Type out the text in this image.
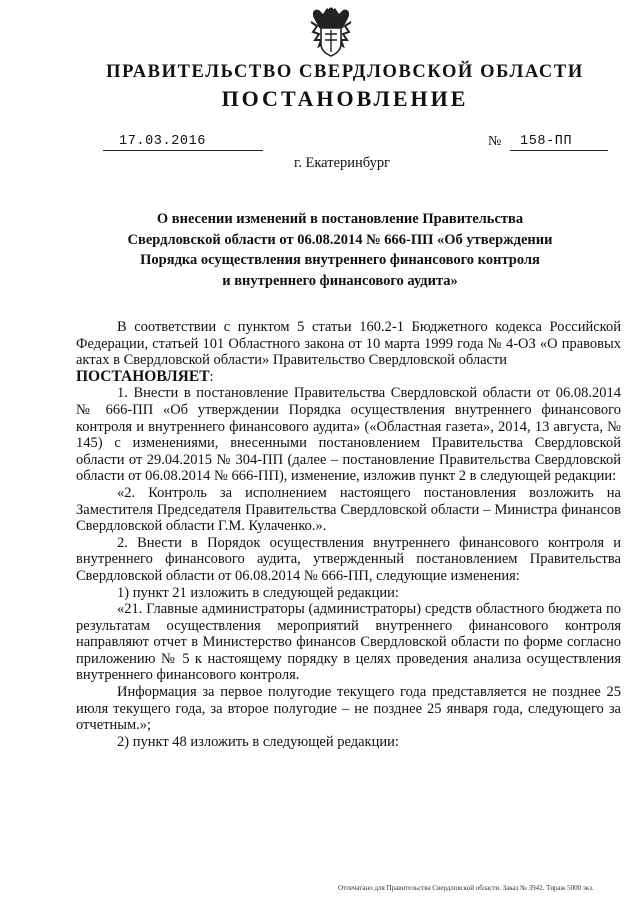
ПРАВИТЕЛЬСТВО СВЕРДЛОВСКОЙ ОБЛАСТИ
ПОСТАНОВЛЕНИЕ
17.03.2016	№ 158-ПП
г. Екатеринбург
О внесении изменений в постановление Правительства
Свердловской области от 06.08.2014 № 666-ПП «Об утверждении
Порядка осуществления внутреннего финансового контроля
и внутреннего финансового аудита»

В соответствии с пунктом 5 статьи 160.2-1 Бюджетного кодекса Российской Федерации, статьей 101 Областного закона от 10 марта 1999 года № 4-ОЗ «О правовых актах в Свердловской области» Правительство Свердловской области

ПОСТАНОВЛЯЕТ:

1. Внести в постановление Правительства Свердловской области от 06.08.2014 № 666-ПП «Об утверждении Порядка осуществления внутреннего финансового контроля и внутреннего финансового аудита» («Областная газета», 2014, 13 августа, № 145) с изменениями, внесенными постановлением Правительства Свердловской области от 29.04.2015 № 304-ПП (далее – постановление Правительства Свердловской области от 06.08.2014 № 666-ПП), изменение, изложив пункт 2 в следующей редакции:

«2. Контроль за исполнением настоящего постановления возложить на Заместителя Председателя Правительства Свердловской области – Министра финансов Свердловской области Г.М. Кулаченко.».

2. Внести в Порядок осуществления внутреннего финансового контроля и внутреннего финансового аудита, утвержденный постановлением Правительства Свердловской области от 06.08.2014 № 666-ПП, следующие изменения:

1) пункт 21 изложить в следующей редакции:

«21. Главные администраторы (администраторы) средств областного бюджета по результатам осуществления мероприятий внутреннего финансового контроля направляют отчет в Министерство финансов Свердловской области по форме согласно приложению № 5 к настоящему порядку в целях проведения анализа осуществления внутреннего финансового контроля.

Информация за первое полугодие текущего года представляется не позднее 25 июля текущего года, за второе полугодие – не позднее 25 января года, следующего за отчетным.»;

2) пункт 48 изложить в следующей редакции:

Отпечатано для Правительства Свердловской области. Заказ № 3942. Тираж 5000 экз.
